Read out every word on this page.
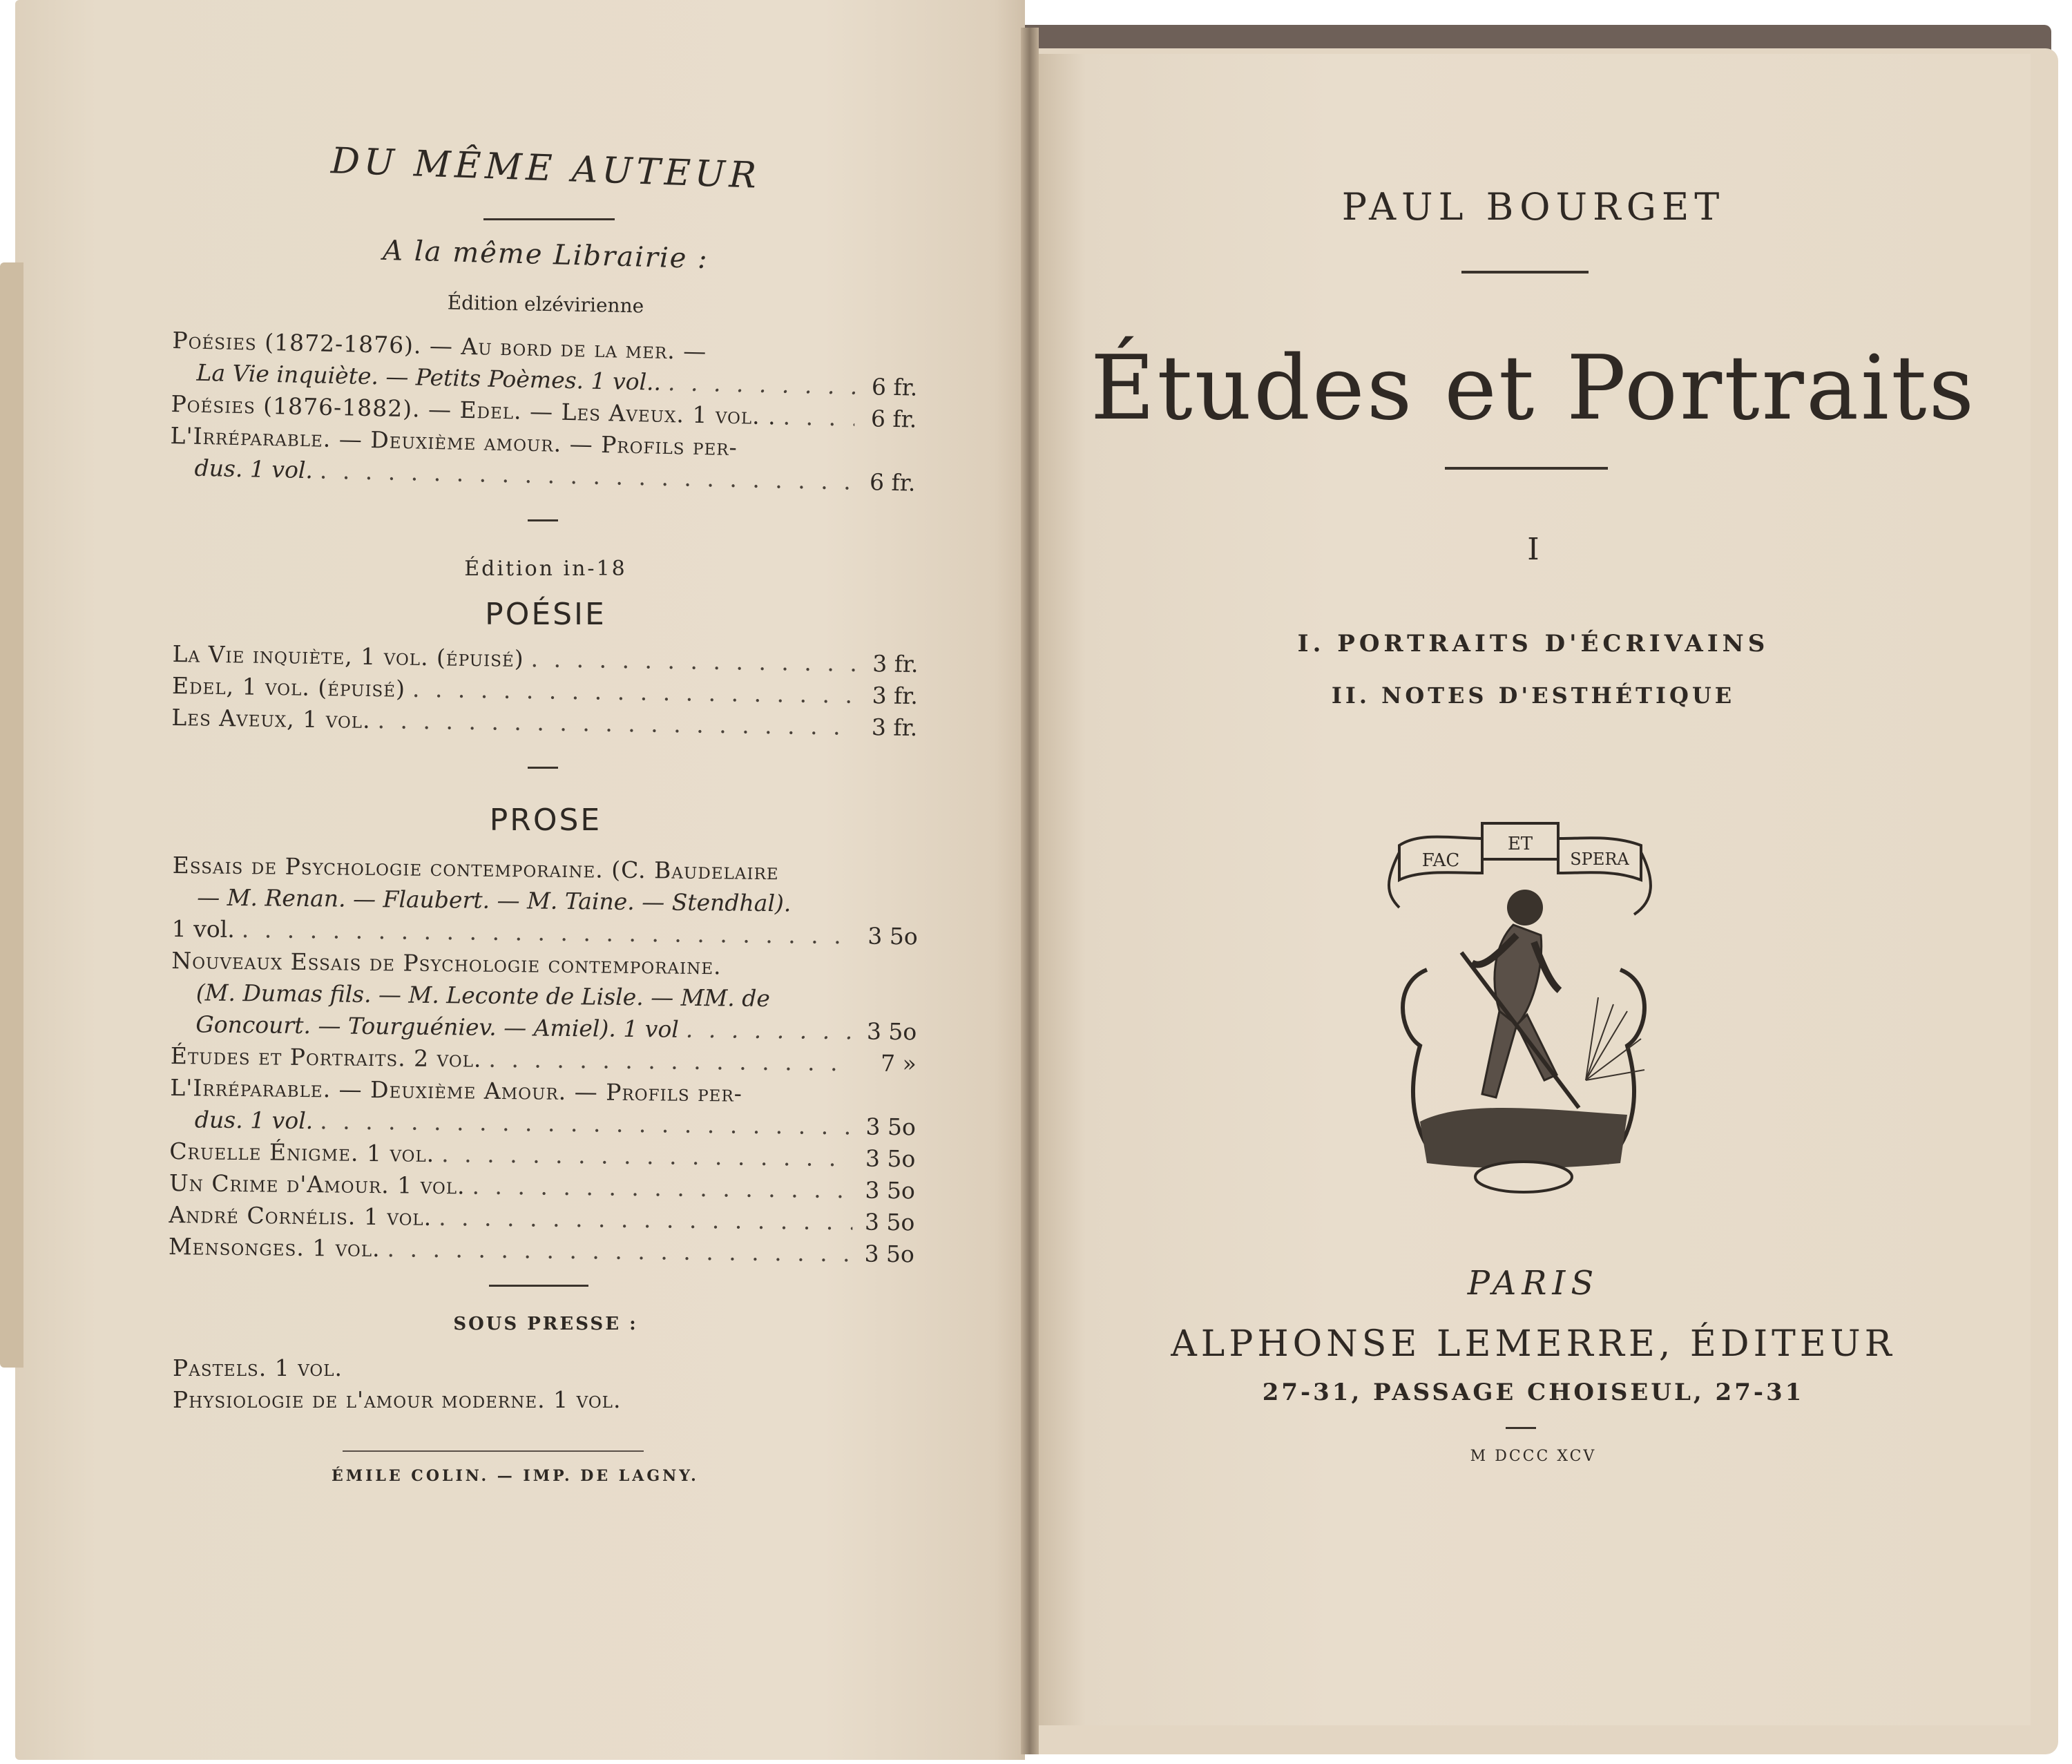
DU MÊME AUTEUR
A la même Librairie :
Édition elzévirienne
Poésies (1872-1876). — Au bord de la mer. —
La Vie inquiète. — Petits Poèmes. 1 vol.. . . .	6 fr.
Poésies (1876-1882). — Edel. — Les Aveux. 1 vol. . . . .	6 fr.
L'Irréparable. — Deuxième amour. — Profils per-
dus. 1 vol. . . .	6 fr.
Édition in-18
POÉSIE
La Vie inquiète, 1 vol. (épuisé) . . .	3 fr.
Edel, 1 vol. (épuisé) . . .	3 fr.
Les Aveux, 1 vol. . . .	3 fr.
PROSE
Essais de Psychologie contemporaine. (C. Baudelaire
— M. Renan. — Flaubert. — M. Taine. — Stendhal).
1 vol. . . .	3 5o
Nouveaux Essais de Psychologie contemporaine.
(M. Dumas fils. — M. Leconte de Lisle. — MM. de
Goncourt. — Tourguéniev. — Amiel). 1 vol . . .	3 5o
Études et Portraits. 2 vol. . . .	7 »
L'Irréparable. — Deuxième Amour. — Profils per-
dus. 1 vol. . . .	3 5o
Cruelle Énigme. 1 vol. . . .	3 5o
Un Crime d'Amour. 1 vol. . . .	3 5o
André Cornélis. 1 vol. . . .	3 5o
Mensonges. 1 vol. . . .	3 5o
SOUS PRESSE :
Pastels. 1 vol.
Physiologie de l'amour moderne. 1 vol.
ÉMILE COLIN. — IMP. DE LAGNY.
PAUL BOURGET
Études et Portraits
I
I. PORTRAITS D'ÉCRIVAINS
II. NOTES D'ESTHÉTIQUE
FAC
ET
SPERA
PARIS
ALPHONSE LEMERRE, ÉDITEUR
27-31, PASSAGE CHOISEUL, 27-31
M DCCC XCV
